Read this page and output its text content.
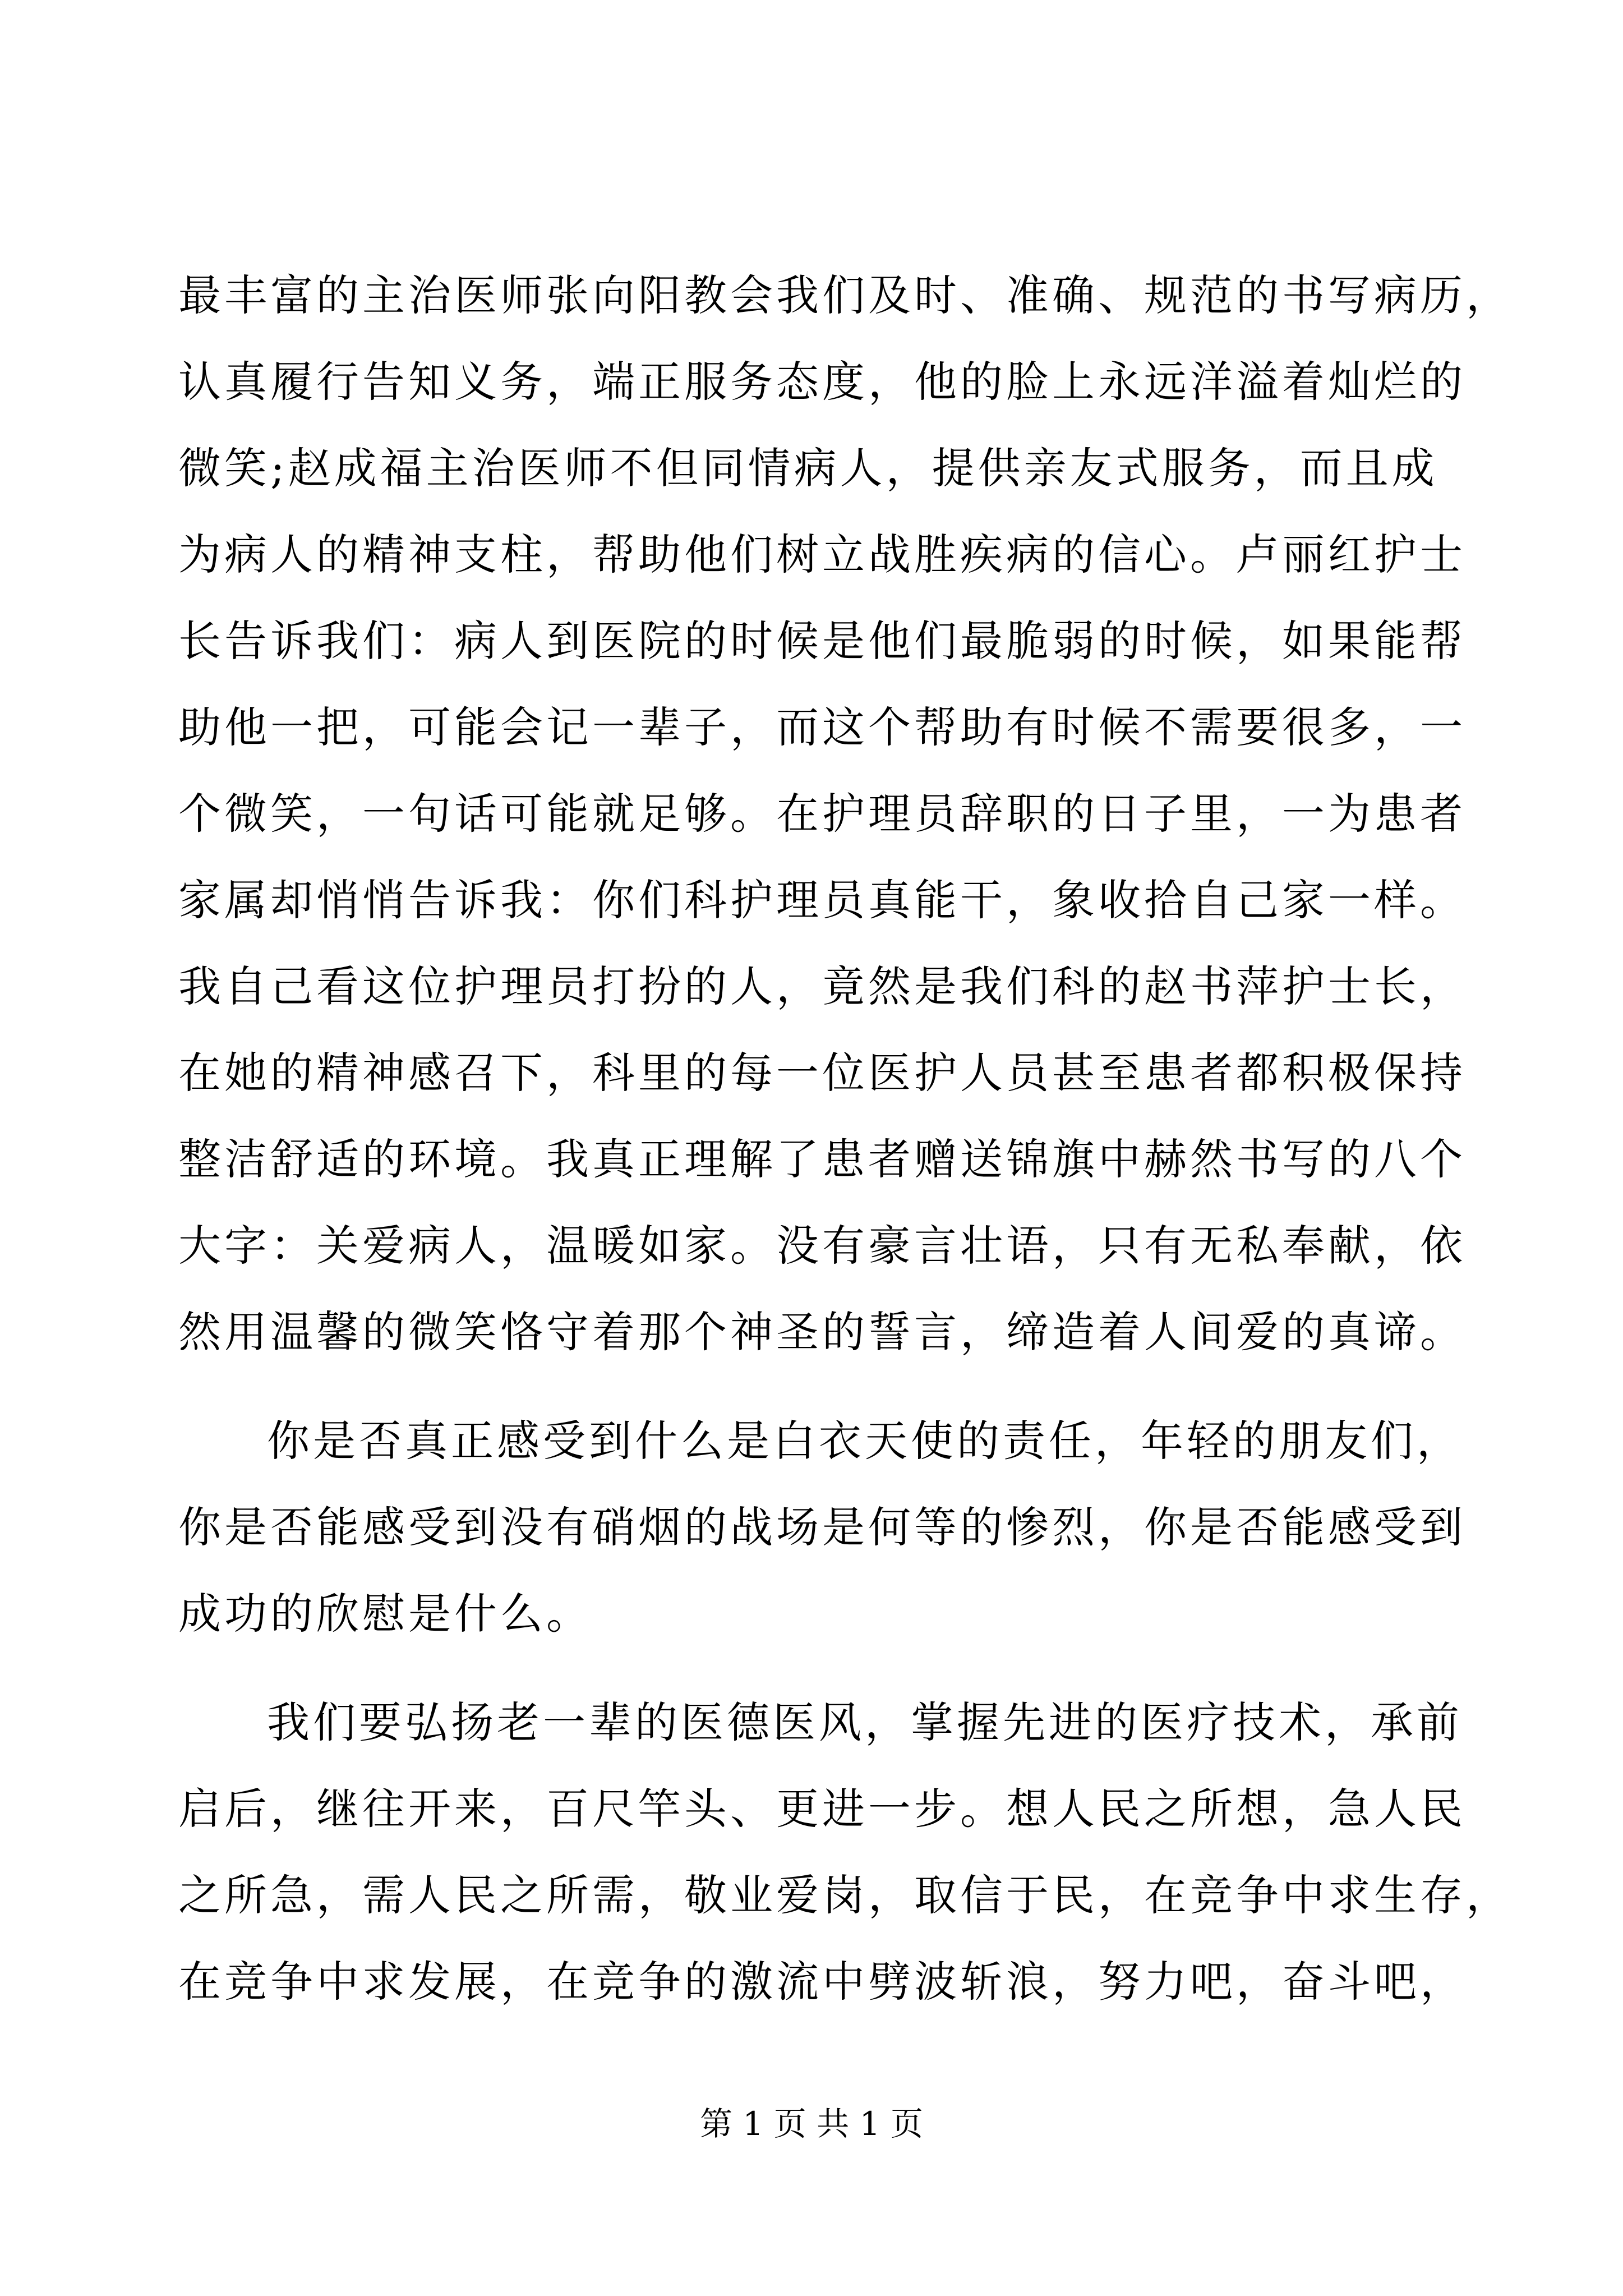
最丰富的主治医师张向阳教会我们及时、准确、规范的书写病历，
认真履行告知义务，端正服务态度，他的脸上永远洋溢着灿烂的
微笑;赵成福主治医师不但同情病人，提供亲友式服务，而且成
为病人的精神支柱，帮助他们树立战胜疾病的信心。卢丽红护士
长告诉我们：病人到医院的时候是他们最脆弱的时候，如果能帮
助他一把，可能会记一辈子，而这个帮助有时候不需要很多，一
个微笑，一句话可能就足够。在护理员辞职的日子里，一为患者
家属却悄悄告诉我：你们科护理员真能干，象收拾自己家一样。
我自己看这位护理员打扮的人，竟然是我们科的赵书萍护士长，
在她的精神感召下，科里的每一位医护人员甚至患者都积极保持
整洁舒适的环境。我真正理解了患者赠送锦旗中赫然书写的八个
大字：关爱病人，温暖如家。没有豪言壮语，只有无私奉献，依
然用温馨的微笑恪守着那个神圣的誓言，缔造着人间爱的真谛。
你是否真正感受到什么是白衣天使的责任，年轻的朋友们，
你是否能感受到没有硝烟的战场是何等的惨烈，你是否能感受到
成功的欣慰是什么。
我们要弘扬老一辈的医德医风，掌握先进的医疗技术，承前
启后，继往开来，百尺竿头、更进一步。想人民之所想，急人民
之所急，需人民之所需，敬业爱岗，取信于民，在竞争中求生存，
在竞争中求发展，在竞争的激流中劈波斩浪，努力吧，奋斗吧，
第 1 页 共 1 页
